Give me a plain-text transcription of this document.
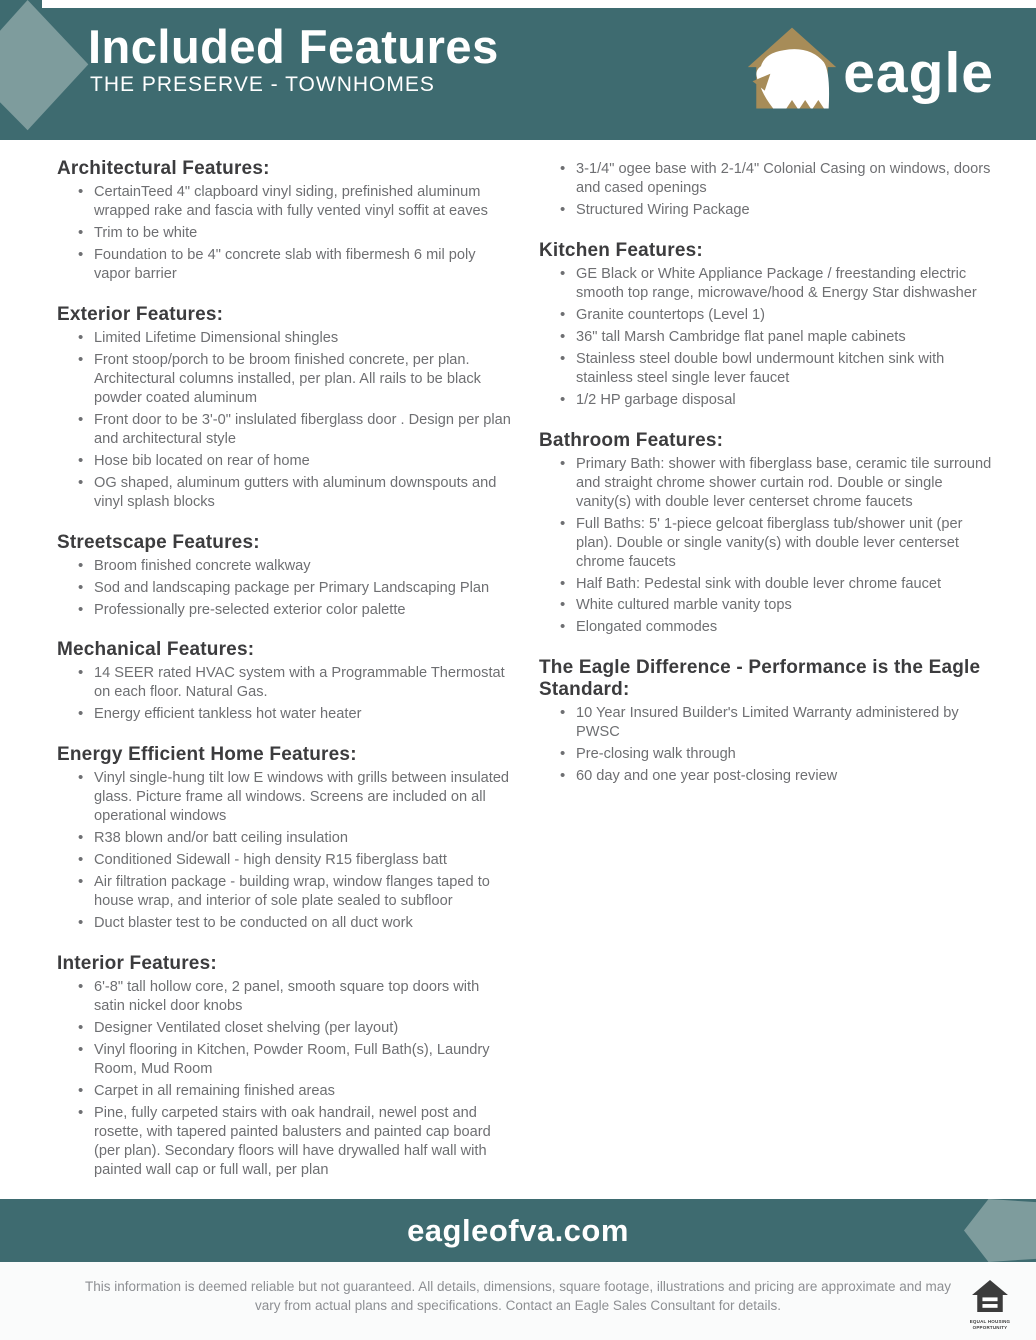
Included Features
THE PRESERVE - TOWNHOMES	eagle
Architectural Features:
• CertainTeed 4" clapboard vinyl siding, prefinished aluminum wrapped rake and fascia with fully vented vinyl soffit at eaves
• Trim to be white
• Foundation to be 4" concrete slab with fibermesh 6 mil poly vapor barrier
Exterior Features:
• Limited Lifetime Dimensional shingles
• Front stoop/porch to be broom finished concrete, per plan. Architectural columns installed, per plan. All rails to be black powder coated aluminum
• Front door to be 3'-0" inslulated fiberglass door . Design per plan and architectural style
• Hose bib located on rear of home
• OG shaped, aluminum gutters with aluminum downspouts and vinyl splash blocks
Streetscape Features:
• Broom finished concrete walkway
• Sod and landscaping package per Primary Landscaping Plan
• Professionally pre-selected exterior color palette
Mechanical Features:
• 14 SEER rated HVAC system with a Programmable Thermostat on each floor. Natural Gas.
• Energy efficient tankless hot water heater
Energy Efficient Home Features:
• Vinyl single-hung tilt low E windows with grills between insulated glass. Picture frame all windows. Screens are included on all operational windows
• R38 blown and/or batt ceiling insulation
• Conditioned Sidewall - high density R15 fiberglass batt
• Air filtration package - building wrap, window flanges taped to house wrap, and interior of sole plate sealed to subfloor
• Duct blaster test to be conducted on all duct work
Interior Features:
• 6'-8" tall hollow core, 2 panel, smooth square top doors with satin nickel door knobs
• Designer Ventilated closet shelving (per layout)
• Vinyl flooring in Kitchen, Powder Room, Full Bath(s), Laundry Room, Mud Room
• Carpet in all remaining finished areas
• Pine, fully carpeted stairs with oak handrail, newel post and rosette, with tapered painted balusters and painted cap board (per plan). Secondary floors will have drywalled half wall with painted wall cap or full wall, per plan
• 3-1/4" ogee base with 2-1/4" Colonial Casing on windows, doors and cased openings
• Structured Wiring Package
Kitchen Features:
• GE Black or White Appliance Package / freestanding electric smooth top range, microwave/hood & Energy Star dishwasher
• Granite countertops (Level 1)
• 36" tall Marsh Cambridge flat panel maple cabinets
• Stainless steel double bowl undermount kitchen sink with stainless steel single lever faucet
• 1/2 HP garbage disposal
Bathroom Features:
• Primary Bath: shower with fiberglass base, ceramic tile surround and straight chrome shower curtain rod. Double or single vanity(s) with double lever centerset chrome faucets
• Full Baths: 5' 1-piece gelcoat fiberglass tub/shower unit (per plan). Double or single vanity(s) with double lever centerset chrome faucets
• Half Bath: Pedestal sink with double lever chrome faucet
• White cultured marble vanity tops
• Elongated commodes
The Eagle Difference - Performance is the Eagle Standard:
• 10 Year Insured Builder's Limited Warranty administered by PWSC
• Pre-closing walk through
• 60 day and one year post-closing review
eagleofva.com

This information is deemed reliable but not guaranteed. All details, dimensions, square footage, illustrations and pricing are approximate and may vary from actual plans and specifications. Contact an Eagle Sales Consultant for details.

EQUAL HOUSING OPPORTUNITY
